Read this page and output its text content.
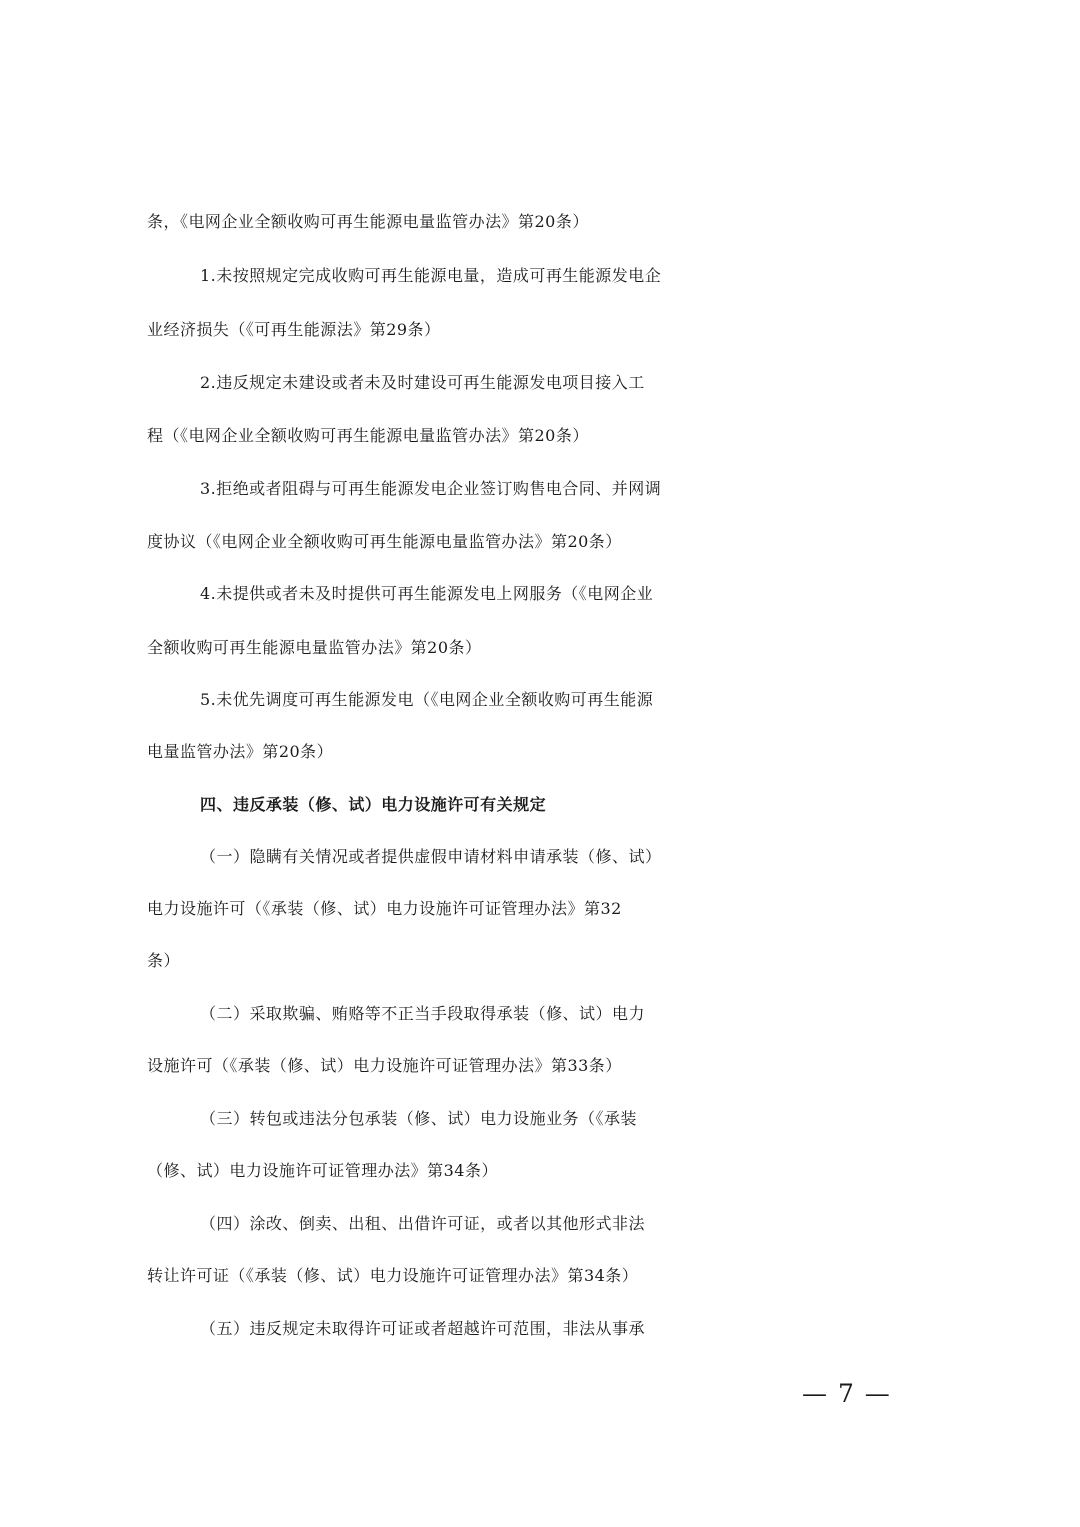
条，《电网企业全额收购可再生能源电量监管办法》第20条）
1.未按照规定完成收购可再生能源电量，造成可再生能源发电企
业经济损失（《可再生能源法》第29条）
2.违反规定未建设或者未及时建设可再生能源发电项目接入工
程（《电网企业全额收购可再生能源电量监管办法》第20条）
3.拒绝或者阻碍与可再生能源发电企业签订购售电合同、并网调
度协议（《电网企业全额收购可再生能源电量监管办法》第20条）
4.未提供或者未及时提供可再生能源发电上网服务（《电网企业
全额收购可再生能源电量监管办法》第20条）
5.未优先调度可再生能源发电（《电网企业全额收购可再生能源
电量监管办法》第20条）
四、违反承装（修、试）电力设施许可有关规定
（一）隐瞒有关情况或者提供虚假申请材料申请承装（修、试）
电力设施许可（《承装（修、试）电力设施许可证管理办法》第32
条）
（二）采取欺骗、贿赂等不正当手段取得承装（修、试）电力
设施许可（《承装（修、试）电力设施许可证管理办法》第33条）
（三）转包或违法分包承装（修、试）电力设施业务（《承装
（修、试）电力设施许可证管理办法》第34条）
（四）涂改、倒卖、出租、出借许可证，或者以其他形式非法
转让许可证（《承装（修、试）电力设施许可证管理办法》第34条）
（五）违反规定未取得许可证或者超越许可范围，非法从事承
— 7 —
